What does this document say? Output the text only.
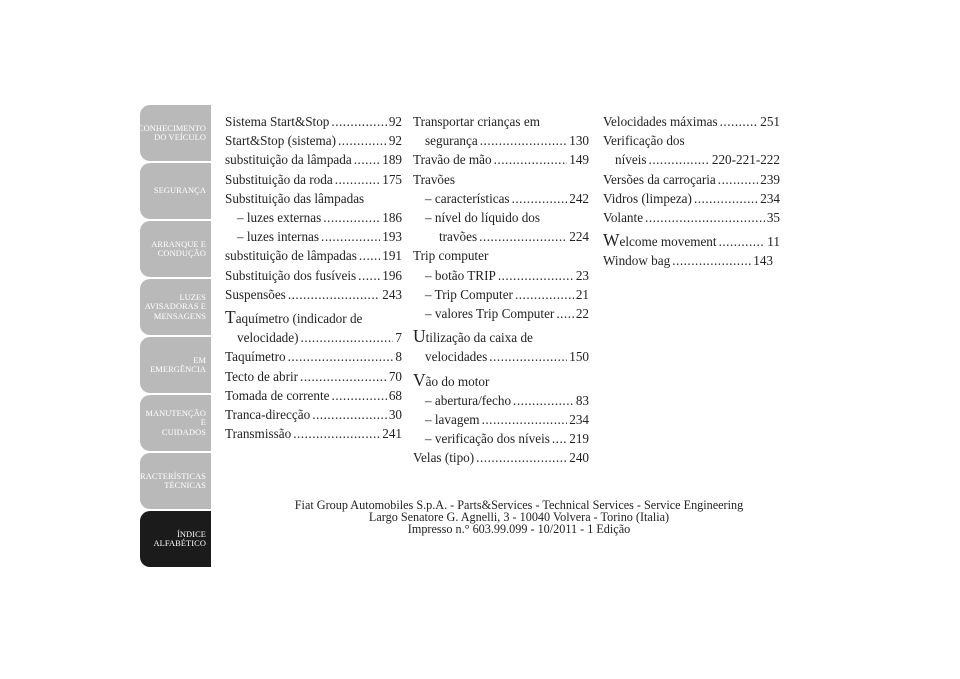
CONHECIMENTO
DO VEÍCULO
SEGURANÇA
ARRANQUE E
CONDUÇÃO
LUZES
AVISADORAS E
MENSAGENS
EM EMERGÊNCIA
MANUTENÇÃO E
CUIDADOS
CARACTERÍSTICAS
TÉCNICAS
ÍNDICE
ALFABÉTICO
304
Sistema Start&Stop .....	92
Start&Stop (sistema) .....	92
substituição da lâmpada ..... 189
Substituição da roda .....	175
Substituição das lâmpadas
– luzes externas .....	186
– luzes internas .....	193
substituição de lâmpadas ..... 191
Substituição dos fusíveis ..... 196
Suspensões .....	243
Taquímetro (indicador de
velocidade) .....	7
Taquímetro .....	8
Tecto de abrir .....	70
Tomada de corrente .....	68
Tranca-direcção .....	30
Transmissão .....	241
Transportar crianças em
segurança .....	130
Travão de mão .....	149
Travões
– características .....	242
– nível do líquido dos
travões .....	224
Trip computer
– botão TRIP .....	23
– Trip Computer .....	21
– valores Trip Computer ..... 22
Utilização da caixa de
velocidades .....	150
Vão do motor
– abertura/fecho .....	83
– lavagem .....	234
– verificação dos níveis ..... 219
Velas (tipo) .....	240
Velocidades máximas .....	251
Verificação dos
níveis .....	220-221-222
Versões da carroçaria .....	239
Vidros (limpeza) .....	234
Volante .....	35
Welcome movement .....	11
Window bag .....	143
Fiat Group Automobiles S.p.A. - Parts&Services - Technical Services - Service Engineering
Largo Senatore G. Agnelli, 3 - 10040 Volvera - Torino (Italia)
Impresso n.° 603.99.099 - 10/2011 - 1 Edição
